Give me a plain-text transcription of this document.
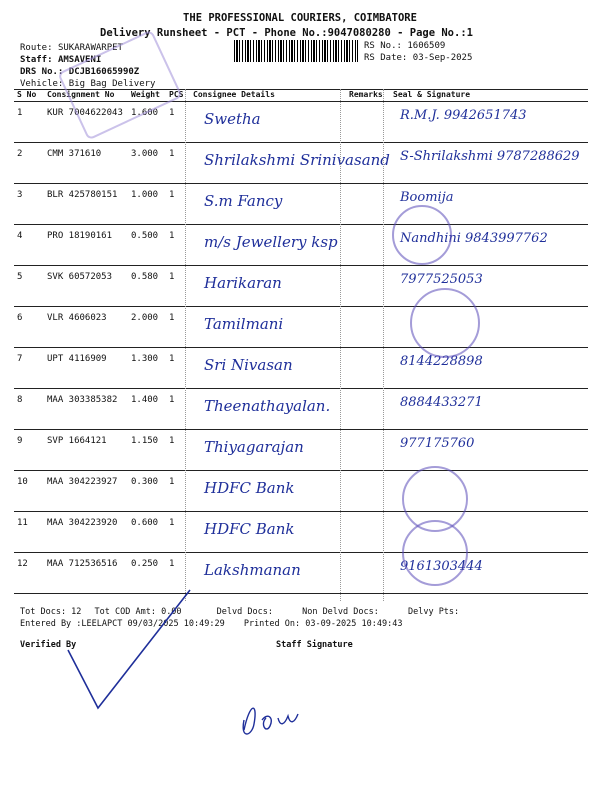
THE PROFESSIONAL COURIERS, COIMBATORE
Delivery Runsheet - PCT - Phone No.:9047080280 - Page No.:1
Route: SUKARAWARPET
Staff: AMSAVENI
DRS No.: DCJB16065990Z
Vehicle: Big Bag Delivery
RS No.: 1606509
RS Date: 03-Sep-2025
S No	Consignment No	Weight	PCS	Consignee Details	Remarks	Seal & Signature
1	KUR 7004622043	1.600	1	Swetha		R.M.J. 9942651743

2	CMM 371610	3.000	1	Shrilakshmi Srinivasand		S-Shrilakshmi 9787288629

3	BLR 425780151	1.000	1	S.m Fancy		Boomija

4	PRO 18190161	0.500	1	m/s Jewellery ksp		Nandhini 9843997762

5	SVK 60572053	0.580	1	Harikaran		7977525053

6	VLR 4606023	2.000	1	Tamilmani		

7	UPT 4116909	1.300	1	Sri Nivasan		8144228898

8	MAA 303385382	1.400	1	Theenathayalan.		8884433271

9	SVP 1664121	1.150	1	Thiyagarajan		977175760

10	MAA 304223927	0.300	1	HDFC Bank		

11	MAA 304223920	0.600	1	HDFC Bank		

12	MAA 712536516	0.250	1	Lakshmanan		9161303444
Tot Docs: 12 Tot COD Amt: 0.00	Delvd Docs:	Non Delvd Docs:	Delvy Pts:
Entered By :LEELAPCT 09/03/2025 10:49:29 Printed On: 03-09-2025 10:49:43
Verified By	Staff Signature
